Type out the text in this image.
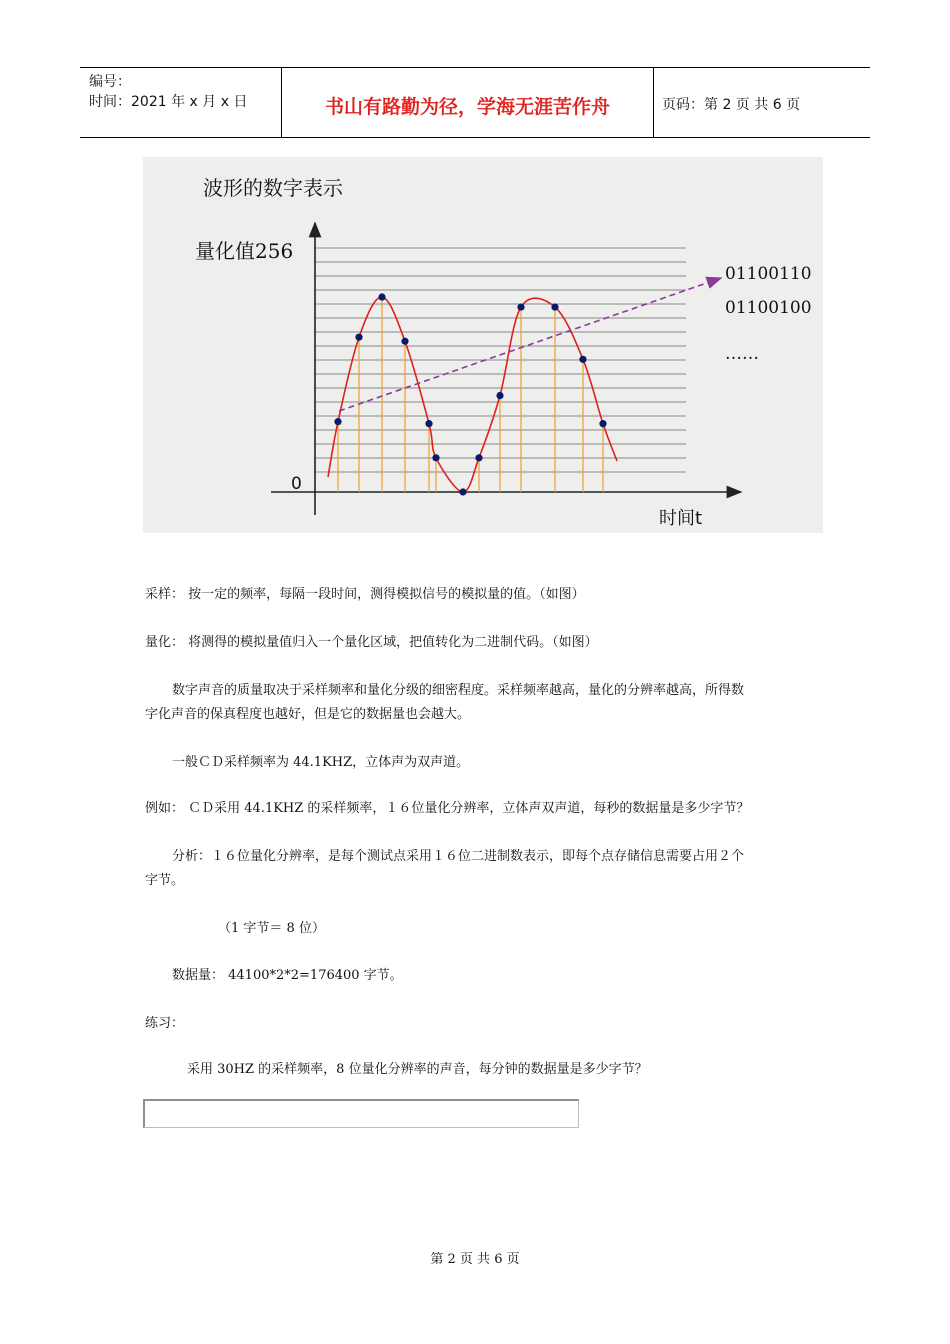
编号：
时间：2021 年 x 月 x 日	书山有路勤为径，学海无涯苦作舟	页码：第 2 页 共 6 页
波形的数字表示
量化值256
0
时间t
01100110
01100100
……
采样： 按一定的频率，每隔一段时间，测得模拟信号的模拟量的值。（如图）
量化： 将测得的模拟量值归入一个量化区域，把值转化为二进制代码。（如图）
数字声音的质量取决于采样频率和量化分级的细密程度。采样频率越高，量化的分辨率越高，所得数
字化声音的保真程度也越好，但是它的数据量也会越大。
一般ＣＤ采样频率为 44.1KHZ，立体声为双声道。
例如： ＣＤ采用 44.1KHZ 的采样频率，１６位量化分辨率，立体声双声道，每秒的数据量是多少字节？
分析：１６位量化分辨率，是每个测试点采用１６位二进制数表示，即每个点存储信息需要占用２个
字节。
（1 字节＝ 8 位）
数据量： 44100*2*2=176400 字节。
练习：
采用 30HZ 的采样频率，8 位量化分辨率的声音，每分钟的数据量是多少字节？
第 2 页 共 6 页
